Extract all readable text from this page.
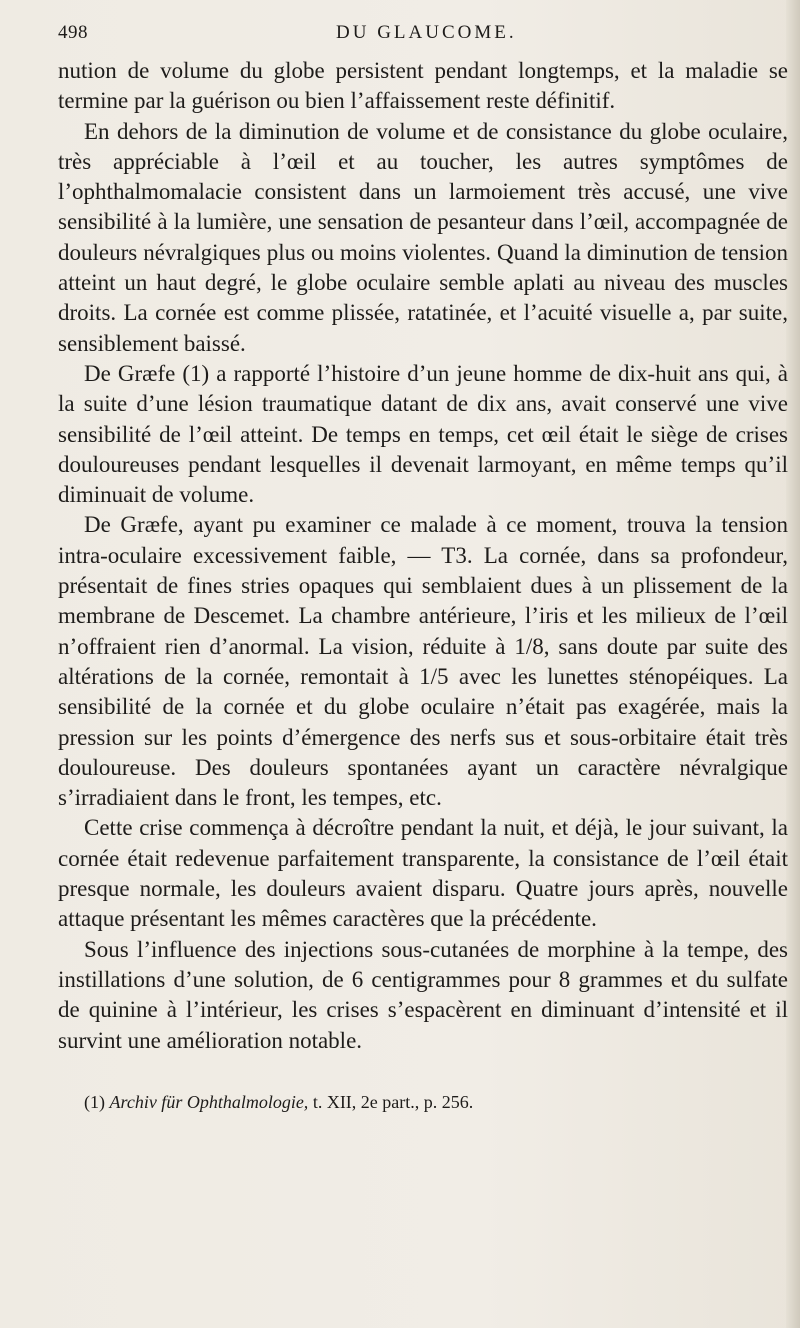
498	DU GLAUCOME.

nution de volume du globe persistent pendant longtemps, et la maladie se termine par la guérison ou bien l’affaissement reste définitif.

En dehors de la diminution de volume et de consistance du globe oculaire, très appréciable à l’œil et au toucher, les autres symptômes de l’ophthalmomalacie consistent dans un larmoiement très accusé, une vive sensibilité à la lumière, une sensation de pesanteur dans l’œil, accompagnée de douleurs névralgiques plus ou moins violentes. Quand la diminution de tension atteint un haut degré, le globe oculaire semble aplati au niveau des muscles droits. La cornée est comme plissée, ratatinée, et l’acuité visuelle a, par suite, sensiblement baissé.

De Græfe (1) a rapporté l’histoire d’un jeune homme de dix-huit ans qui, à la suite d’une lésion traumatique datant de dix ans, avait conservé une vive sensibilité de l’œil atteint. De temps en temps, cet œil était le siège de crises douloureuses pendant lesquelles il devenait larmoyant, en même temps qu’il diminuait de volume.

De Græfe, ayant pu examiner ce malade à ce moment, trouva la tension intra-oculaire excessivement faible, — T3. La cornée, dans sa profondeur, présentait de fines stries opaques qui semblaient dues à un plissement de la membrane de Descemet. La chambre antérieure, l’iris et les milieux de l’œil n’offraient rien d’anormal. La vision, réduite à 1/8, sans doute par suite des altérations de la cornée, remontait à 1/5 avec les lunettes sténopéiques. La sensibilité de la cornée et du globe oculaire n’était pas exagérée, mais la pression sur les points d’émergence des nerfs sus et sous-orbitaire était très douloureuse. Des douleurs spontanées ayant un caractère névralgique s’irradiaient dans le front, les tempes, etc.

Cette crise commença à décroître pendant la nuit, et déjà, le jour suivant, la cornée était redevenue parfaitement transparente, la consistance de l’œil était presque normale, les douleurs avaient disparu. Quatre jours après, nouvelle attaque présentant les mêmes caractères que la précédente.

Sous l’influence des injections sous-cutanées de morphine à la tempe, des instillations d’une solution, de 6 centigrammes pour 8 grammes et du sulfate de quinine à l’intérieur, les crises s’espacèrent en diminuant d’intensité et il survint une amélioration notable.

(1) Archiv für Ophthalmologie, t. XII, 2e part., p. 256.
